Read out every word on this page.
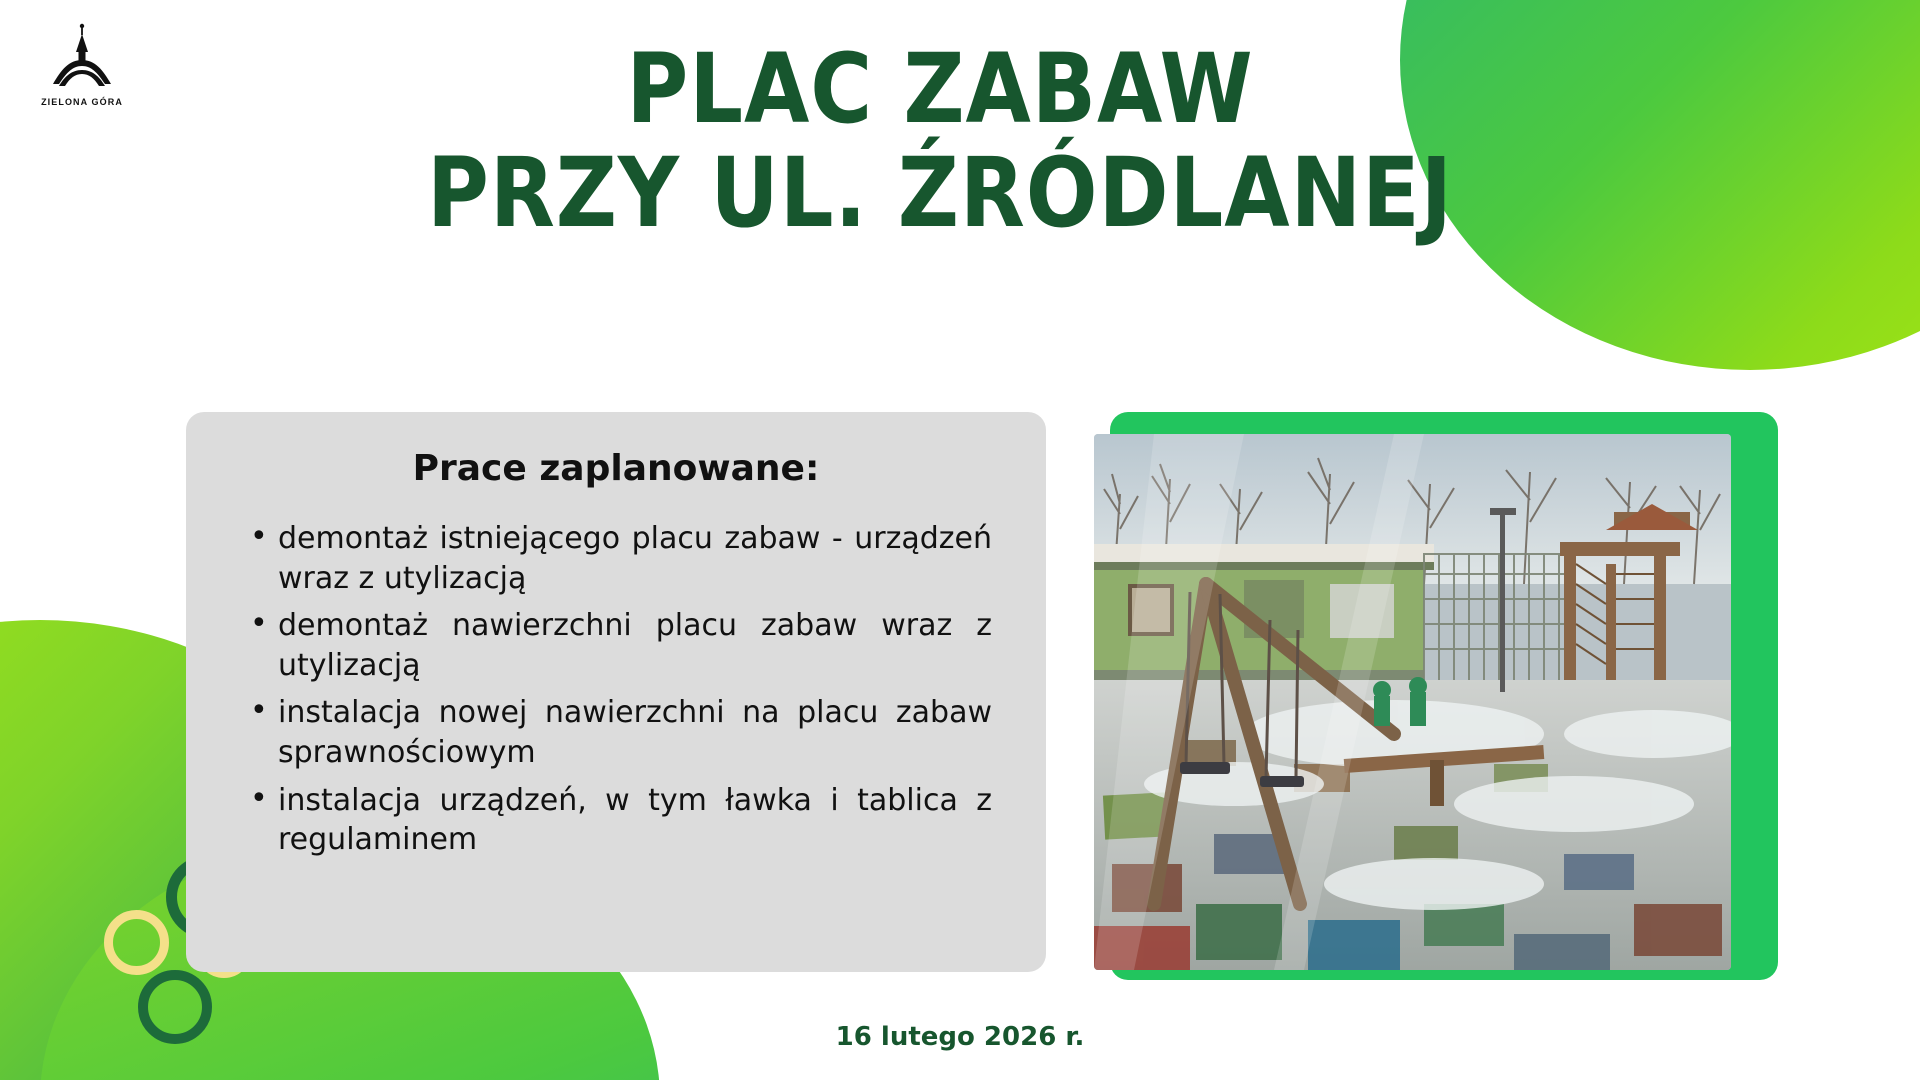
ZIELONA GÓRA	PLAC ZABAW
PRZY UL. ŹRÓDLANEJ
Prace zaplanowane:
• demontaż istniejącego placu zabaw - urządzeń wraz z utylizacją
• demontaż nawierzchni placu zabaw wraz z utylizacją
• instalacja nowej nawierzchni na placu zabaw sprawnościowym
• instalacja urządzeń, w tym ławka i tablica z regulaminem
16 lutego 2026 r.
